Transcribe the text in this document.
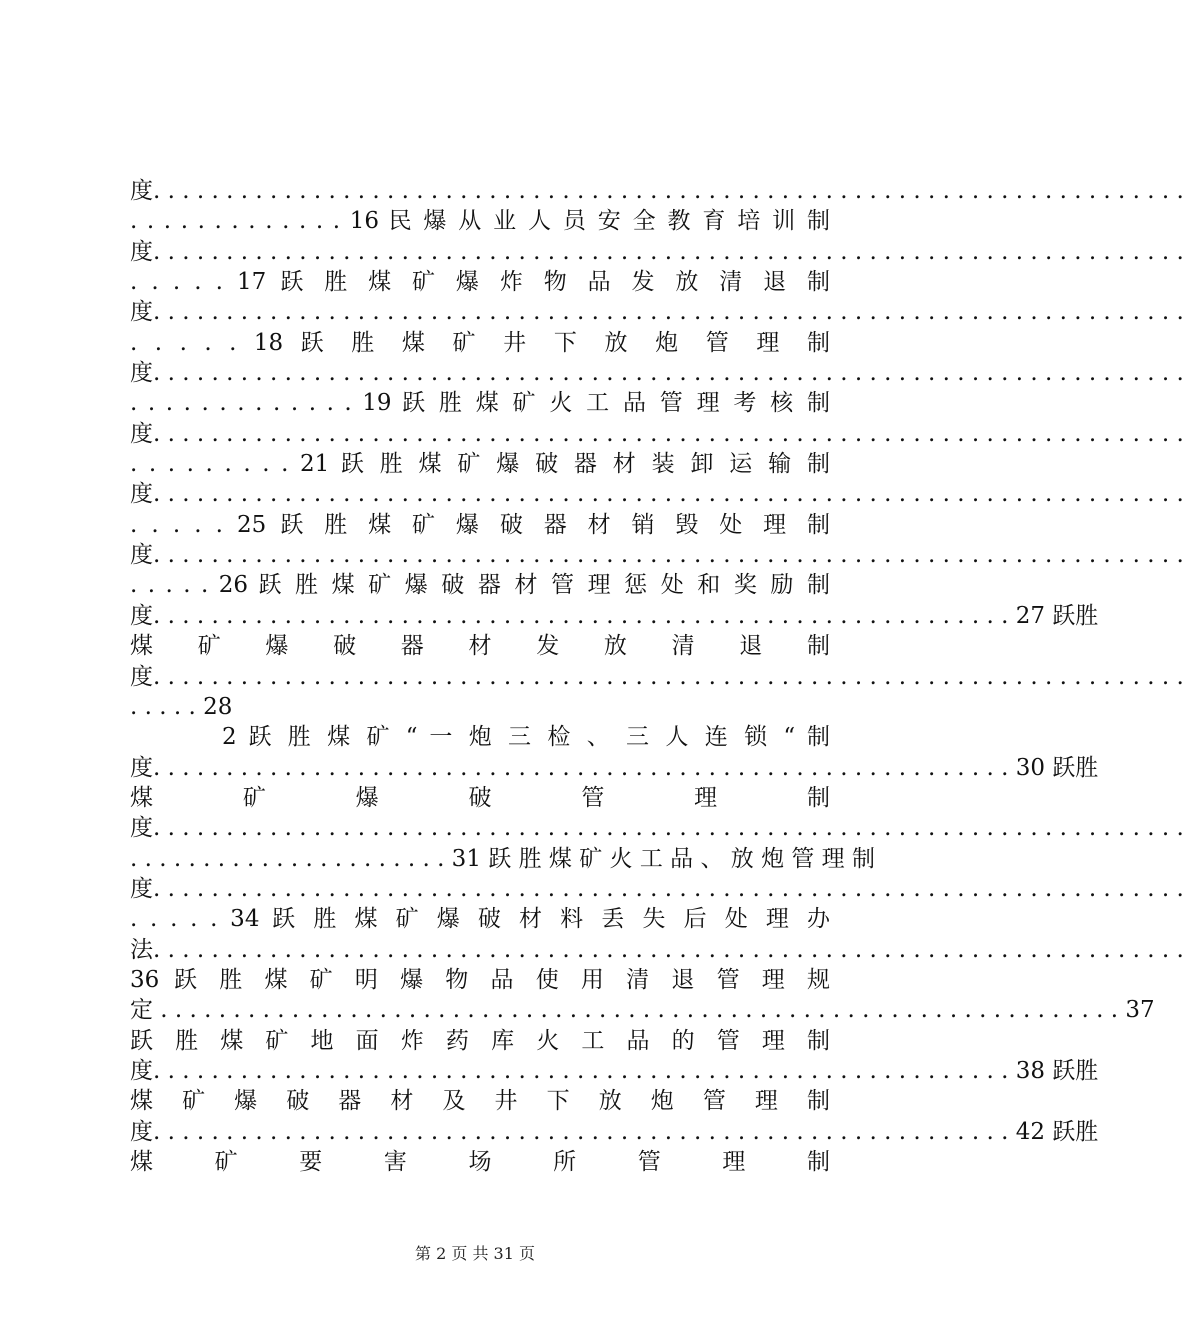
度. . . . . . . . . . . . . . . . . . . . . . . . . . . . . . . . . . . . . . . . . . . . . . . . . . . . . . . . . . . . . . . . . . . . . . .
. . . . . . . . . . . . . 16 民 爆 从 业 人 员 安 全 教 育 培 训 制
度. . . . . . . . . . . . . . . . . . . . . . . . . . . . . . . . . . . . . . . . . . . . . . . . . . . . . . . . . . . . . . . . . . . . . . .
. . . . . 17 跃 胜 煤 矿 爆 炸 物 品 发 放 清 退 制
度. . . . . . . . . . . . . . . . . . . . . . . . . . . . . . . . . . . . . . . . . . . . . . . . . . . . . . . . . . . . . . . . . . . . . . .
. . . . . 18 跃 胜 煤 矿 井 下 放 炮 管 理 制
度. . . . . . . . . . . . . . . . . . . . . . . . . . . . . . . . . . . . . . . . . . . . . . . . . . . . . . . . . . . . . . . . . . . . . . .
. . . . . . . . . . . . . 19 跃 胜 煤 矿 火 工 品 管 理 考 核 制
度. . . . . . . . . . . . . . . . . . . . . . . . . . . . . . . . . . . . . . . . . . . . . . . . . . . . . . . . . . . . . . . . . . . . . . .
. . . . . . . . . 21 跃 胜 煤 矿 爆 破 器 材 装 卸 运 输 制
度. . . . . . . . . . . . . . . . . . . . . . . . . . . . . . . . . . . . . . . . . . . . . . . . . . . . . . . . . . . . . . . . . . . . . . .
. . . . . 25 跃 胜 煤 矿 爆 破 器 材 销 毁 处 理 制
度. . . . . . . . . . . . . . . . . . . . . . . . . . . . . . . . . . . . . . . . . . . . . . . . . . . . . . . . . . . . . . . . . . . . . . .
. . . . . 26 跃 胜 煤 矿 爆 破 器 材 管 理 惩 处 和 奖 励 制
度. . . . . . . . . . . . . . . . . . . . . . . . . . . . . . . . . . . . . . . . . . . . . . . . . . . . . . . . . . . 27 跃胜
煤 矿 爆 破 器 材 发 放 清 退 制
度. . . . . . . . . . . . . . . . . . . . . . . . . . . . . . . . . . . . . . . . . . . . . . . . . . . . . . . . . . . . . . . . . . . . . . .
. . . . . 28
2 跃 胜 煤 矿 “ 一 炮 三 检 、 三 人 连 锁 “ 制
度. . . . . . . . . . . . . . . . . . . . . . . . . . . . . . . . . . . . . . . . . . . . . . . . . . . . . . . . . . . 30 跃胜
煤 矿 爆 破 管 理 制
度. . . . . . . . . . . . . . . . . . . . . . . . . . . . . . . . . . . . . . . . . . . . . . . . . . . . . . . . . . . . . . . . . . . . . . .
. . . . . . . . . . . . . . . . . . . . . . 31 跃 胜 煤 矿 火 工 品 、 放 炮 管 理 制
度. . . . . . . . . . . . . . . . . . . . . . . . . . . . . . . . . . . . . . . . . . . . . . . . . . . . . . . . . . . . . . . . . . . . . . .
. . . . . 34 跃 胜 煤 矿 爆 破 材 料 丢 失 后 处 理 办
法. . . . . . . . . . . . . . . . . . . . . . . . . . . . . . . . . . . . . . . . . . . . . . . . . . . . . . . . . . . . . . . . . . . . . . .
36 跃 胜 煤 矿 明 爆 物 品 使 用 清 退 管 理 规
定 . . . . . . . . . . . . . . . . . . . . . . . . . . . . . . . . . . . . . . . . . . . . . . . . . . . . . . . . . . . . . . . . . . 37
跃 胜 煤 矿 地 面 炸 药 库 火 工 品 的 管 理 制
度. . . . . . . . . . . . . . . . . . . . . . . . . . . . . . . . . . . . . . . . . . . . . . . . . . . . . . . . . . . 38 跃胜
煤 矿 爆 破 器 材 及 井 下 放 炮 管 理 制
度. . . . . . . . . . . . . . . . . . . . . . . . . . . . . . . . . . . . . . . . . . . . . . . . . . . . . . . . . . . 42 跃胜
煤 矿 要 害 场 所 管 理 制
第 2 页 共 31 页
